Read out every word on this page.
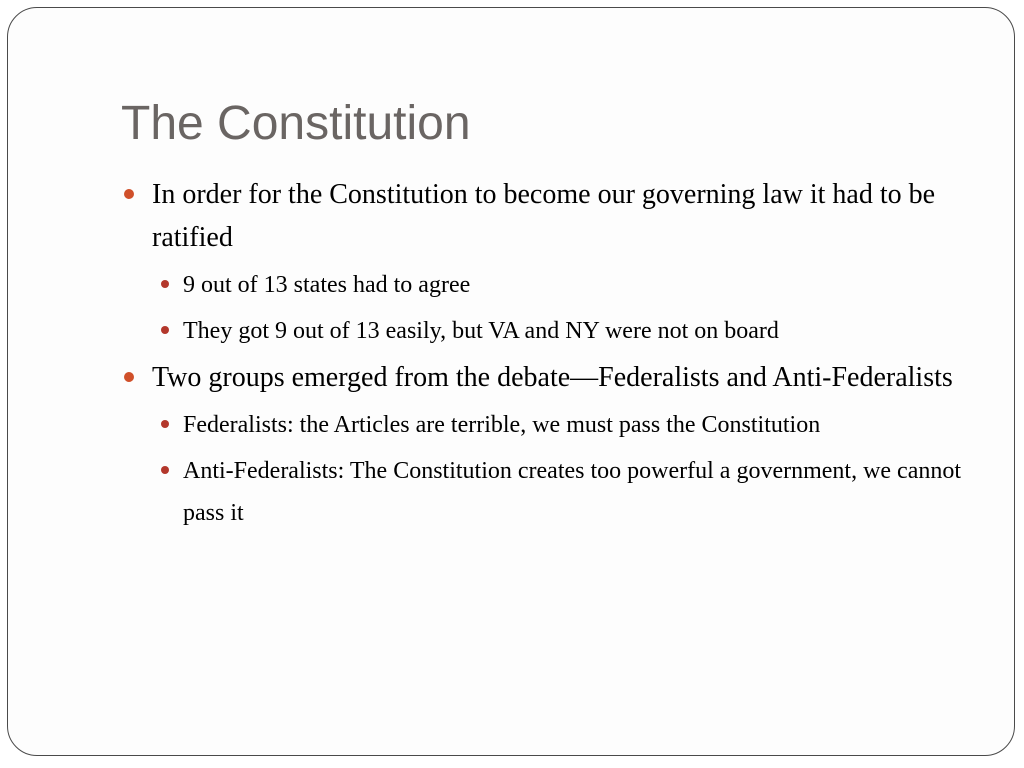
The Constitution
In order for the Constitution to become our governing law it had to be ratified
9 out of 13 states had to agree
They got 9 out of 13 easily, but VA and NY were not on board
Two groups emerged from the debate—Federalists and Anti-Federalists
Federalists: the Articles are terrible, we must pass the Constitution
Anti-Federalists: The Constitution creates too powerful a government, we cannot pass it
